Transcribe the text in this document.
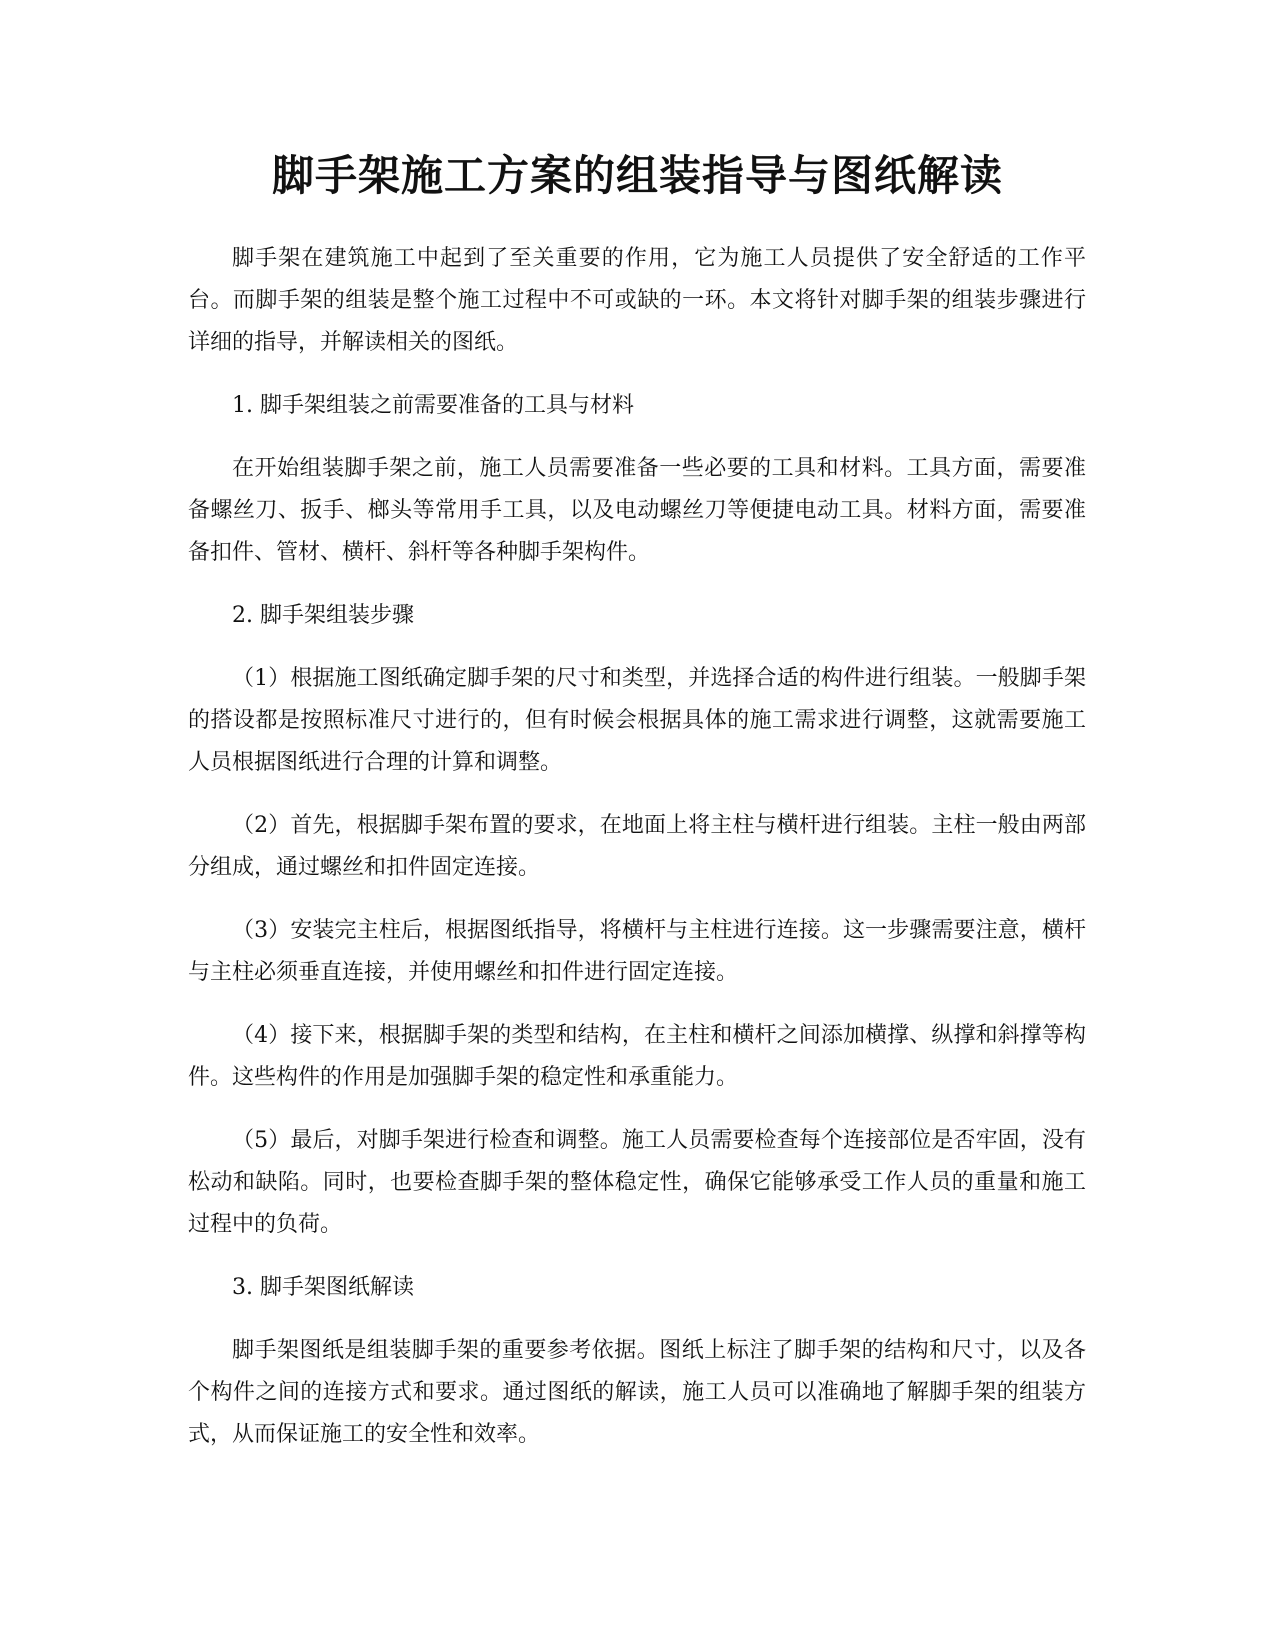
脚手架施工方案的组装指导与图纸解读

脚手架在建筑施工中起到了至关重要的作用，它为施工人员提供了安全舒适的工作平台。而脚手架的组装是整个施工过程中不可或缺的一环。本文将针对脚手架的组装步骤进行详细的指导，并解读相关的图纸。

1. 脚手架组装之前需要准备的工具与材料

在开始组装脚手架之前，施工人员需要准备一些必要的工具和材料。工具方面，需要准备螺丝刀、扳手、榔头等常用手工具，以及电动螺丝刀等便捷电动工具。材料方面，需要准备扣件、管材、横杆、斜杆等各种脚手架构件。

2. 脚手架组装步骤

（1）根据施工图纸确定脚手架的尺寸和类型，并选择合适的构件进行组装。一般脚手架的搭设都是按照标准尺寸进行的，但有时候会根据具体的施工需求进行调整，这就需要施工人员根据图纸进行合理的计算和调整。

（2）首先，根据脚手架布置的要求，在地面上将主柱与横杆进行组装。主柱一般由两部分组成，通过螺丝和扣件固定连接。

（3）安装完主柱后，根据图纸指导，将横杆与主柱进行连接。这一步骤需要注意，横杆与主柱必须垂直连接，并使用螺丝和扣件进行固定连接。

（4）接下来，根据脚手架的类型和结构，在主柱和横杆之间添加横撑、纵撑和斜撑等构件。这些构件的作用是加强脚手架的稳定性和承重能力。

（5）最后，对脚手架进行检查和调整。施工人员需要检查每个连接部位是否牢固，没有松动和缺陷。同时，也要检查脚手架的整体稳定性，确保它能够承受工作人员的重量和施工过程中的负荷。

3. 脚手架图纸解读

脚手架图纸是组装脚手架的重要参考依据。图纸上标注了脚手架的结构和尺寸，以及各个构件之间的连接方式和要求。通过图纸的解读，施工人员可以准确地了解脚手架的组装方式，从而保证施工的安全性和效率。
